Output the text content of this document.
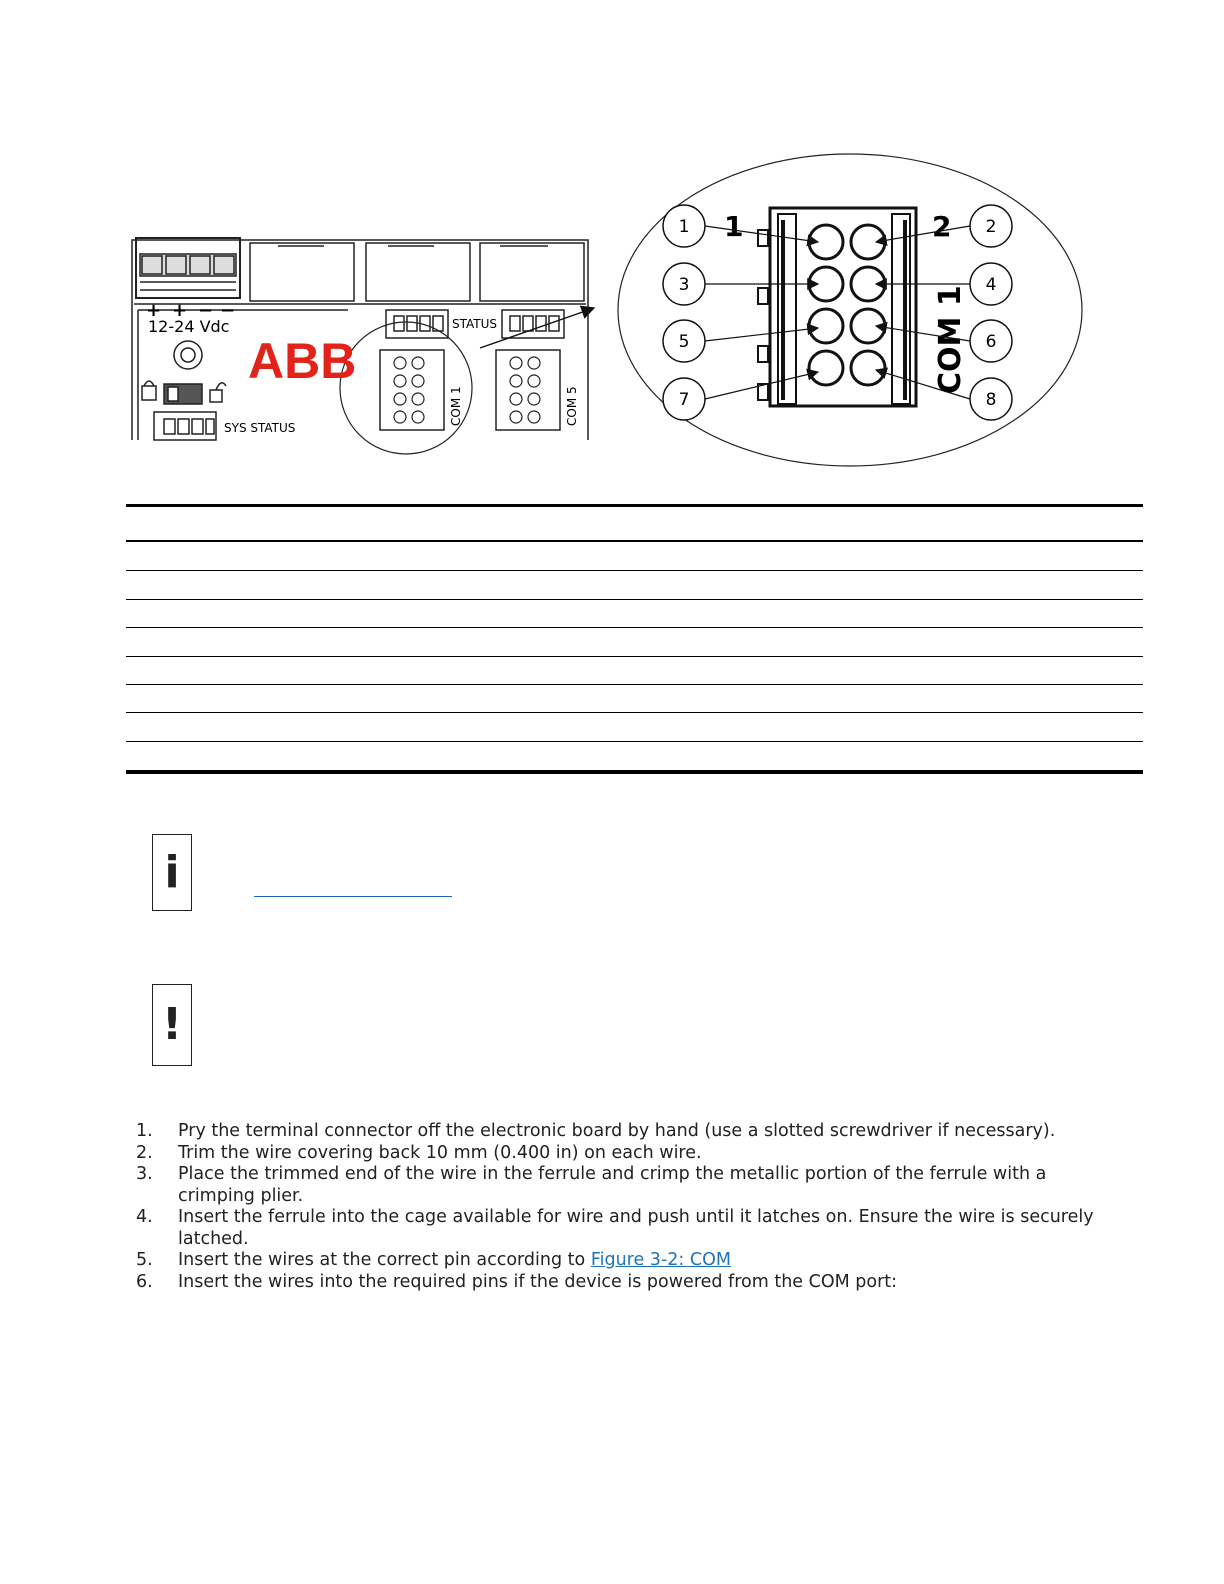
+ + − −
12-24 Vdc
ABB
STATUS
SYS STATUS
COM 1	COM 5
1	2
COM 1
1
3
5
7
2
4
6
8
i
!
1.	Pry the terminal connector off the electronic board by hand (use a slotted screwdriver if necessary).
2.	Trim the wire covering back 10 mm (0.400 in) on each wire.
3.	Place the trimmed end of the wire in the ferrule and crimp the metallic portion of the ferrule with a crimping plier.
4.	Insert the ferrule into the cage available for wire and push until it latches on. Ensure the wire is securely latched.
5.	Insert the wires at the correct pin according to Figure 3-2: COM
6.	Insert the wires into the required pins if the device is powered from the COM port:
